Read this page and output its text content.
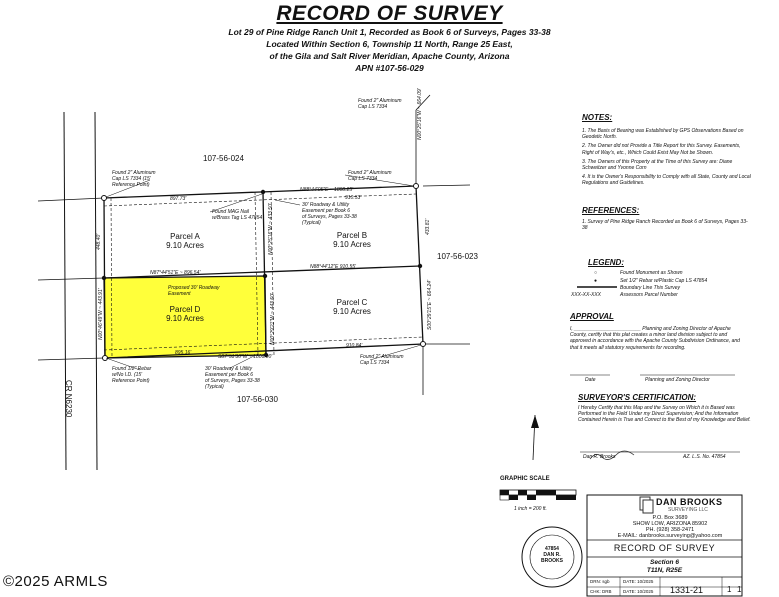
RECORD OF SURVEY
Lot 29 of Pine Ridge Ranch Unit 1, Recorded as Book 6 of Surveys, Pages 33-38
Located Within Section 6, Township 11 North, Range 25 East,
of the Gila and Salt River Meridian, Apache County, Arizona
APN #107-56-029
107-56-024
107-56-023
107-56-030
CR N6230
Parcel A
9.10 Acres
Parcel B
9.10 Acres
Parcel C
9.10 Acres
Parcel D
9.10 Acres
N88°44'05"E ~ 1808.25'
897.73'	910.53'
N87°44'51"E ~ 896.54'
N88°44'12"E 910.55'
895.16'
S87°51'30"W ~ 1806.00'
910.84'
N00°25'16"W ~ 664.09'
433.81'
S00°29'15"E ~ 664.24'
N00°25'16"W ~ 433.50'
N00°29'21"W ~ 443.50'
448.40'
N00°46'49"W ~ 443.91'
Found 2" Aluminum
Cap LS 7334
Found 2" Aluminum
Cap LS 7334 (15'
Reference Point)
Found 2" Aluminum
Cap LS 7334
Found MAG Nail
w/Brass Tag LS 47854
30' Roadway & Utility
Easement per Book 6
of Surveys, Pages 33-38
(Typical)
Proposed 30' Roadway
Easement
Found 1/2" Rebar
w/No I.D. (15'
Reference Point)
30' Roadway & Utility
Easement per Book 6
of Surveys, Pages 33-38
(Typical)
Found 2" Aluminum
Cap LS 7334
NOTES:
1. The Basis of Bearing was Established by GPS Observations Based on Geodetic North.
2. The Owner did not Provide a Title Report for this Survey. Easements, Right of Way's, etc., Which Could Exist May Not be Shown.
3. The Owners of this Property at the Time of this Survey are: Diane Schweitzer and Yvonne Corn
4. It is the Owner's Responsibility to Comply with all State, County and Local Regulations and Guidelines.
REFERENCES:
1. Survey of Pine Ridge Ranch Recorded as Book 6 of Surveys, Pages 33-38
LEGEND:
○	Found Monument as Shown
●	Set 1/2" Rebar w/Plastic Cap LS 47854
Boundary Line This Survey
XXX-XX-XXX	Assessors Parcel Number
APPROVAL
I, ________________________ Planning and Zoning Director of Apache County, certify that this plat creates a minor land division subject to and approved in accordance with the Apache County Subdivision Ordinance, and that it meets all statutory requirements for recording.
Date	Planning and Zoning Director
SURVEYOR'S CERTIFICATION:
I Hereby Certify that this Map and the Survey on Which it is Based was Performed in the Field Under my Direct Supervision; And the Information Contained Herein is True and Correct to the Best of my Knowledge and Belief.
Dan R. Brooks	AZ. L.S. No. 47854
GRAPHIC SCALE
1 inch = 200 ft.
47854
DAN R.
BROOKS
DAN BROOKS
SURVEYING LLC
P.O. Box 3689
SHOW LOW, ARIZONA 85902
PH. (928) 358-2471
E-MAIL: danbrooks.surveying@yahoo.com
RECORD OF SURVEY
Section 6
T11N, R25E
DRN: sgb
CHK: DRB
DATE: 10/2025
DATE: 10/2025 1331-21	1 1
©2025 ARMLS
